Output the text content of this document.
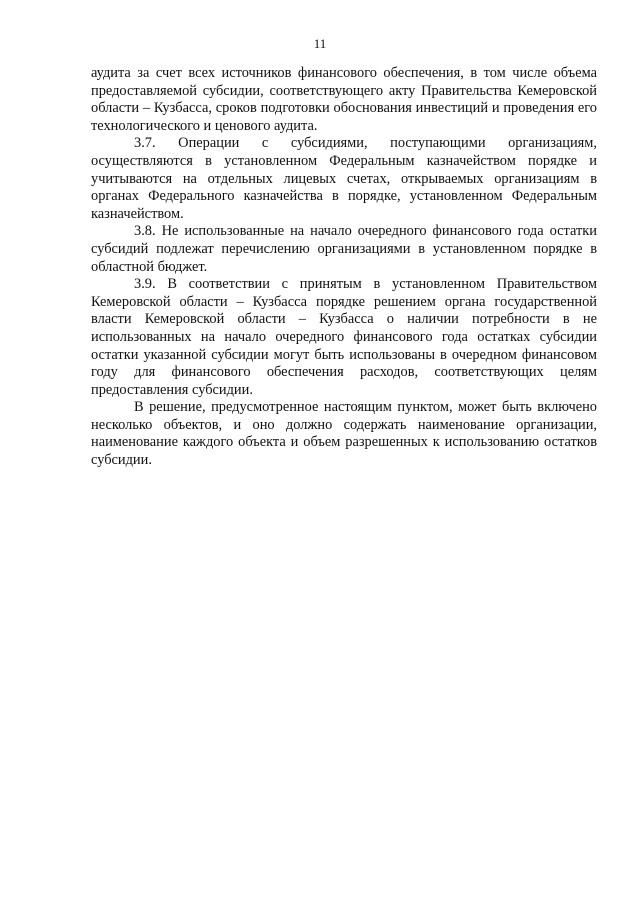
11

аудита за счет всех источников финансового обеспечения, в том числе объема предоставляемой субсидии, соответствующего акту Правительства Кемеровской области – Кузбасса, сроков подготовки обоснования инвестиций и проведения его технологического и ценового аудита.

3.7. Операции с субсидиями, поступающими организациям, осуществляются в установленном Федеральным казначейством порядке и учитываются на отдельных лицевых счетах, открываемых организациям в органах Федерального казначейства в порядке, установленном Федеральным казначейством.

3.8. Не использованные на начало очередного финансового года остатки субсидий подлежат перечислению организациями в установленном порядке в областной бюджет.

3.9. В соответствии с принятым в установленном Правительством Кемеровской области – Кузбасса порядке решением органа государственной власти Кемеровской области – Кузбасса о наличии потребности в не использованных на начало очередного финансового года остатках субсидии остатки указанной субсидии могут быть использованы в очередном финансовом году для финансового обеспечения расходов, соответствующих целям предоставления субсидии.

В решение, предусмотренное настоящим пунктом, может быть включено несколько объектов, и оно должно содержать наименование организации, наименование каждого объекта и объем разрешенных к использованию остатков субсидии.
